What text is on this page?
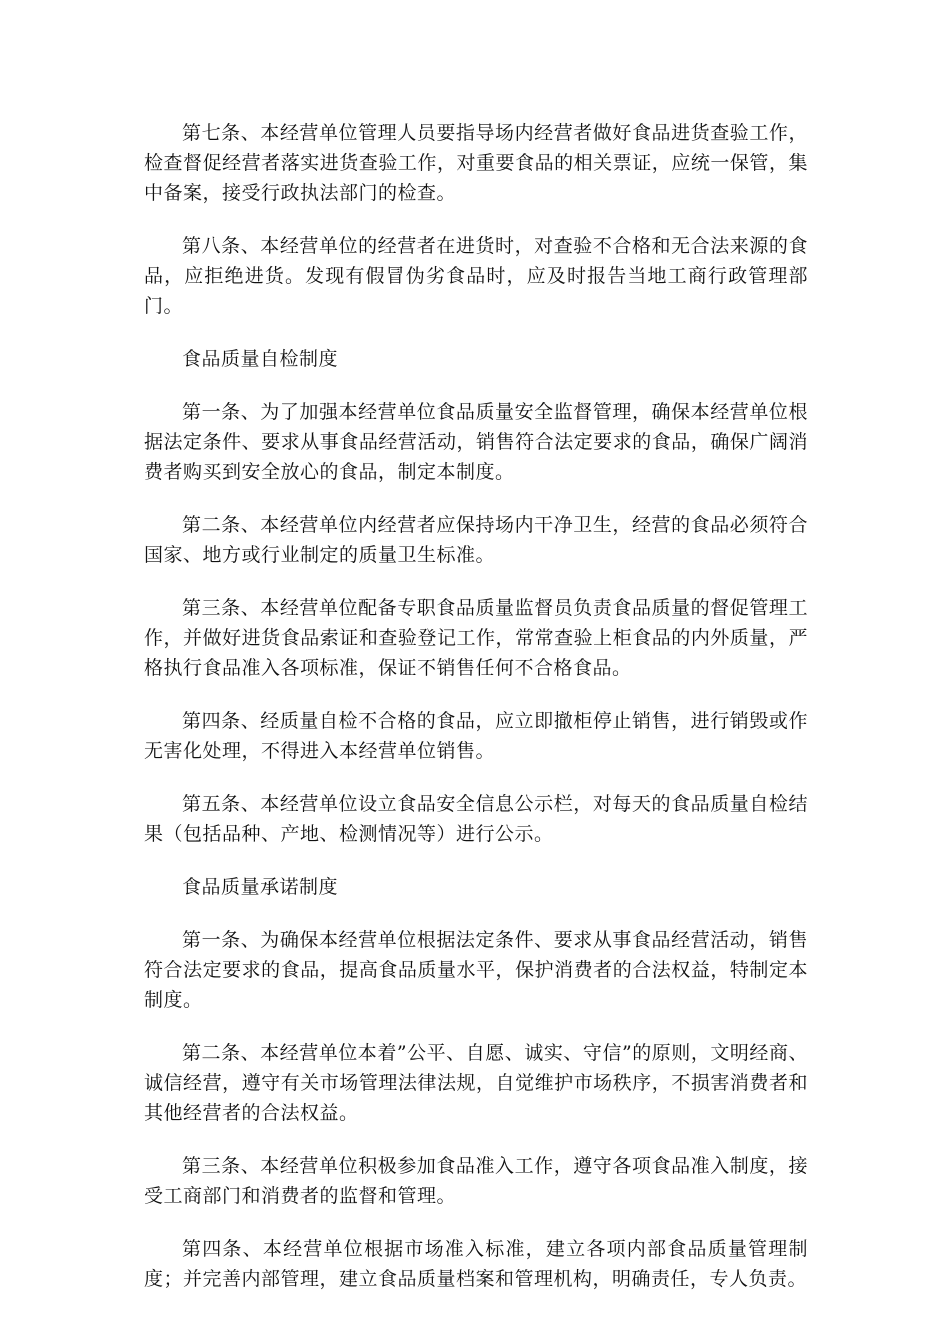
第七条、本经营单位管理人员要指导场内经营者做好食品进货查验工作，检查督促经营者落实进货查验工作，对重要食品的相关票证，应统一保管，集中备案，接受行政执法部门的检查。

第八条、本经营单位的经营者在进货时，对查验不合格和无合法来源的食品，应拒绝进货。发现有假冒伪劣食品时，应及时报告当地工商行政管理部门。

食品质量自检制度

第一条、为了加强本经营单位食品质量安全监督管理，确保本经营单位根据法定条件、要求从事食品经营活动，销售符合法定要求的食品，确保广阔消费者购买到安全放心的食品，制定本制度。

第二条、本经营单位内经营者应保持场内干净卫生，经营的食品必须符合国家、地方或行业制定的质量卫生标准。

第三条、本经营单位配备专职食品质量监督员负责食品质量的督促管理工作，并做好进货食品索证和查验登记工作，常常查验上柜食品的内外质量，严格执行食品准入各项标准，保证不销售任何不合格食品。

第四条、经质量自检不合格的食品，应立即撤柜停止销售，进行销毁或作无害化处理，不得进入本经营单位销售。

第五条、本经营单位设立食品安全信息公示栏，对每天的食品质量自检结果（包括品种、产地、检测情况等）进行公示。

食品质量承诺制度

第一条、为确保本经营单位根据法定条件、要求从事食品经营活动，销售符合法定要求的食品，提高食品质量水平，保护消费者的合法权益，特制定本制度。

第二条、本经营单位本着”公平、自愿、诚实、守信”的原则，文明经商、诚信经营，遵守有关市场管理法律法规，自觉维护市场秩序，不损害消费者和其他经营者的合法权益。

第三条、本经营单位积极参加食品准入工作，遵守各项食品准入制度，接受工商部门和消费者的监督和管理。

第四条、本经营单位根据市场准入标准，建立各项内部食品质量管理制度；并完善内部管理，建立食品质量档案和管理机构，明确责任，专人负责。
